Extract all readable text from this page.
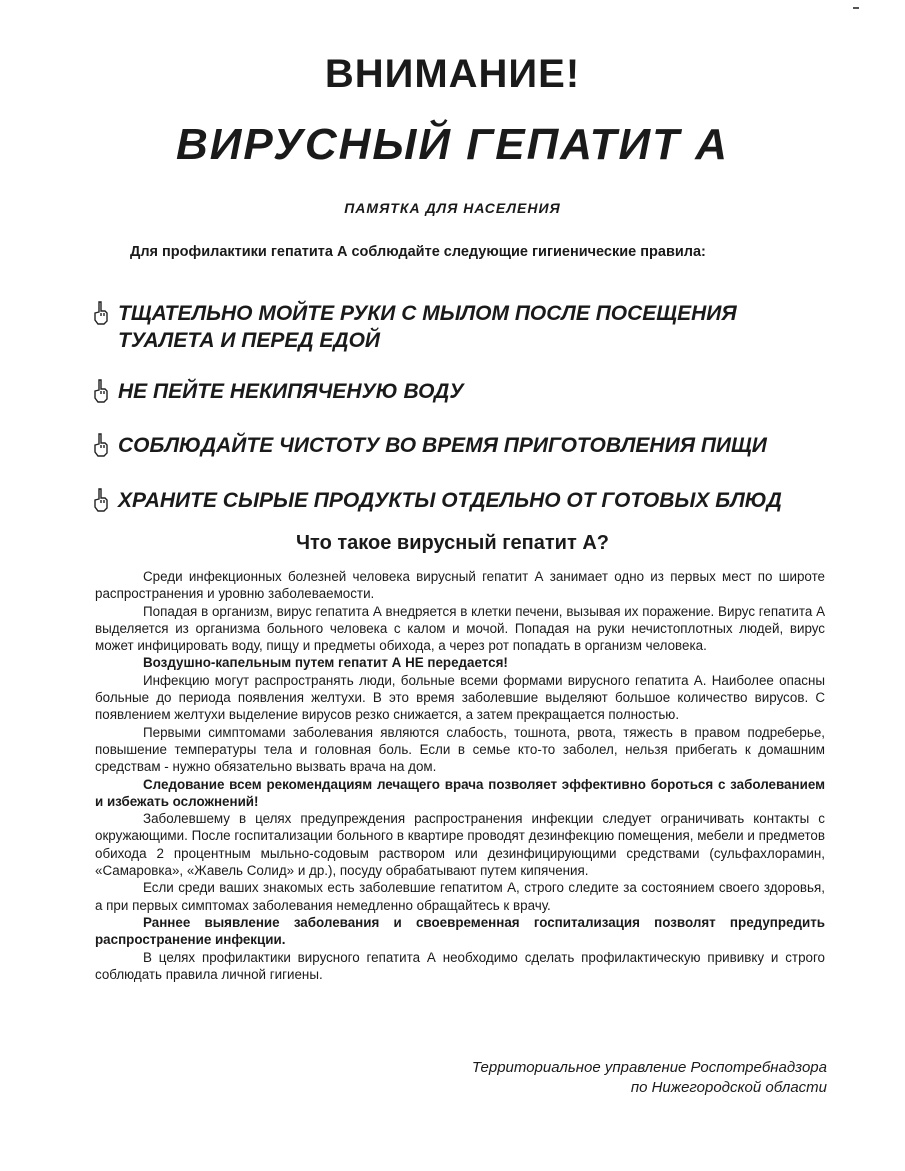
ВНИМАНИЕ!
ВИРУСНЫЙ ГЕПАТИТ А
ПАМЯТКА ДЛЯ НАСЕЛЕНИЯ
Для профилактики гепатита А соблюдайте следующие гигиенические правила:
ТЩАТЕЛЬНО МОЙТЕ РУКИ С МЫЛОМ ПОСЛЕ ПОСЕЩЕНИЯ
ТУАЛЕТА И ПЕРЕД ЕДОЙ
НЕ ПЕЙТЕ НЕКИПЯЧЕНУЮ ВОДУ
СОБЛЮДАЙТЕ ЧИСТОТУ ВО ВРЕМЯ ПРИГОТОВЛЕНИЯ ПИЩИ
ХРАНИТЕ СЫРЫЕ ПРОДУКТЫ ОТДЕЛЬНО ОТ ГОТОВЫХ БЛЮД
Что такое вирусный гепатит А?

Среди инфекционных болезней человека вирусный гепатит А занимает одно из первых мест по широте распространения и уровню заболеваемости.

Попадая в организм, вирус гепатита А внедряется в клетки печени, вызывая их поражение. Вирус гепатита А выделяется из организма больного человека с калом и мочой. Попадая на руки нечистоплотных людей, вирус может инфицировать воду, пищу и предметы обихода, а через рот попадать в организм человека.

Воздушно-капельным путем гепатит А НЕ передается!

Инфекцию могут распространять люди, больные всеми формами вирусного гепатита А. Наиболее опасны больные до периода появления желтухи. В это время заболевшие выделяют большое количество вирусов. С появлением желтухи выделение вирусов резко снижается, а затем прекращается полностью.

Первыми симптомами заболевания являются слабость, тошнота, рвота, тяжесть в правом подреберье, повышение температуры тела и головная боль. Если в семье кто-то заболел, нельзя прибегать к домашним средствам - нужно обязательно вызвать врача на дом.

Следование всем рекомендациям лечащего врача позволяет эффективно бороться с заболеванием и избежать осложнений!

Заболевшему в целях предупреждения распространения инфекции следует ограничивать контакты с окружающими. После госпитализации больного в квартире проводят дезинфекцию помещения, мебели и предметов обихода 2 процентным мыльно-содовым раствором или дезинфицирующими средствами (сульфахлорамин, «Самаровка», «Жавель Солид» и др.), посуду обрабатывают путем кипячения.

Если среди ваших знакомых есть заболевшие гепатитом А, строго следите за состоянием своего здоровья, а при первых симптомах заболевания немедленно обращайтесь к врачу.

Раннее выявление заболевания и своевременная госпитализация позволят предупредить распространение инфекции.

В целях профилактики вирусного гепатита А необходимо сделать профилактическую прививку и строго соблюдать правила личной гигиены.

Территориальное управление Роспотребнадзора
по Нижегородской области
